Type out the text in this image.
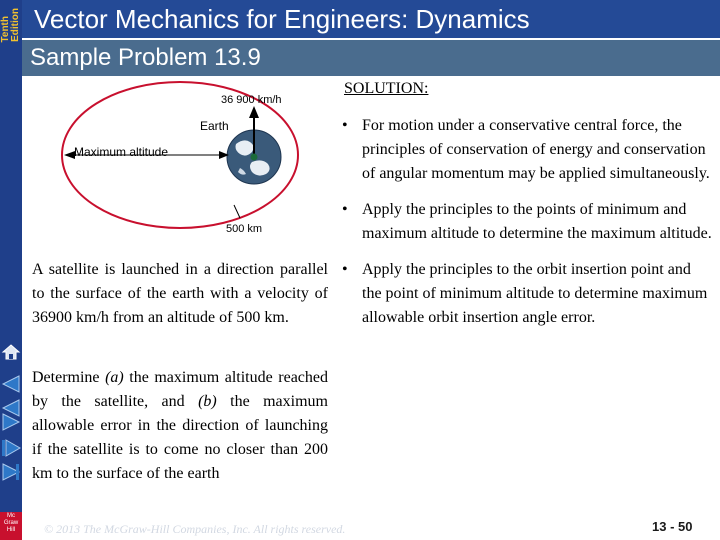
Tenth Edition Vector Mechanics for Engineers: Dynamics
Sample Problem 13.9
36 900 km/h
Earth
Maximum altitude
500 km

A satellite is launched in a direction parallel to the surface of the earth with a velocity of 36900 km/h from an altitude of 500 km.

Determine (a) the maximum altitude reached by the satellite, and (b) the maximum allowable error in the direction of launching if the satellite is to come no closer than 200 km to the surface of the earth

SOLUTION:
• For motion under a conservative central force, the principles of conservation of energy and conservation of angular momentum may be applied simultaneously.
• Apply the principles to the points of minimum and maximum altitude to determine the maximum altitude.
• Apply the principles to the orbit insertion point and the point of minimum altitude to determine maximum allowable orbit insertion angle error.
© 2013 The McGraw-Hill Companies, Inc. All rights reserved.	13 - 50
Mc
Graw
Hill
